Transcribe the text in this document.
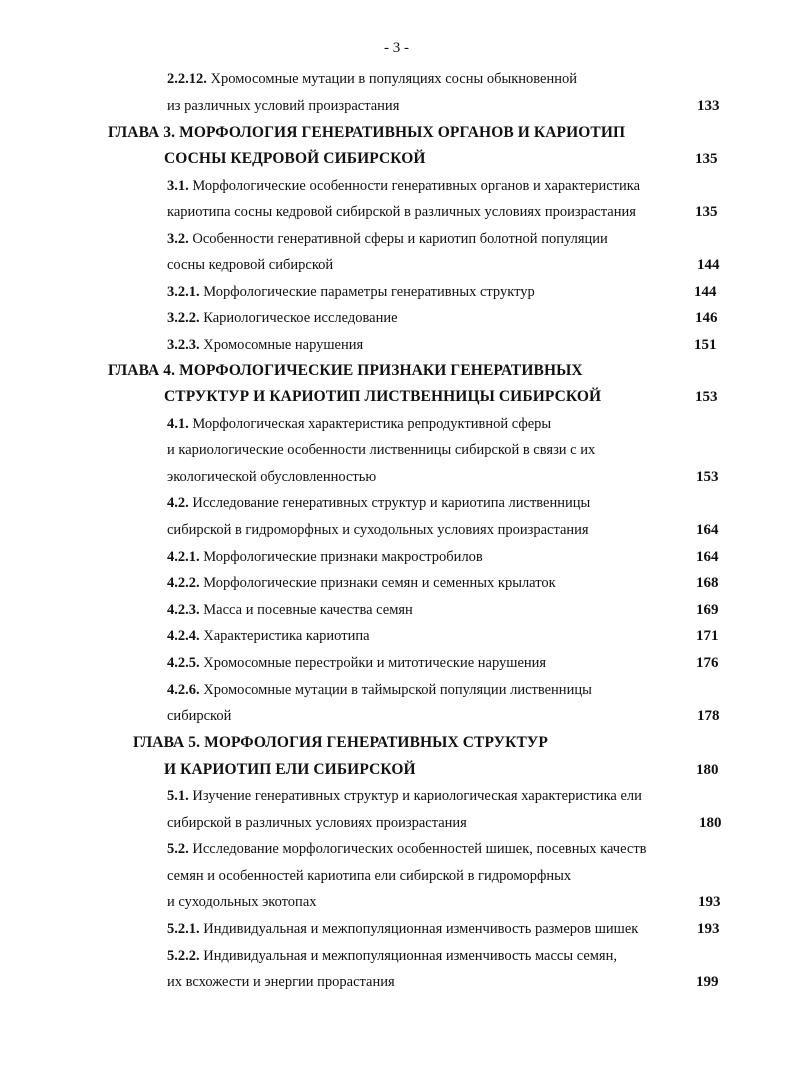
- 3 -
2.2.12. Хромосомные мутации в популяциях сосны обыкновенной
из различных условий произрастания	133
ГЛАВА 3. МОРФОЛОГИЯ ГЕНЕРАТИВНЫХ ОРГАНОВ И КАРИОТИП
СОСНЫ КЕДРОВОЙ СИБИРСКОЙ	135
3.1. Морфологические особенности генеративных органов и характеристика
кариотипа сосны кедровой сибирской в различных условиях произрастания	135
3.2. Особенности генеративной сферы и кариотип болотной популяции
сосны кедровой сибирской	144
3.2.1. Морфологические параметры генеративных структур	144
3.2.2. Кариологическое исследование	146
3.2.3. Хромосомные нарушения	151
ГЛАВА 4. МОРФОЛОГИЧЕСКИЕ ПРИЗНАКИ ГЕНЕРАТИВНЫХ
СТРУКТУР И КАРИОТИП ЛИСТВЕННИЦЫ СИБИРСКОЙ	153
4.1. Морфологическая характеристика репродуктивной сферы
и кариологические особенности лиственницы сибирской в связи с их
экологической обусловленностью	153
4.2. Исследование генеративных структур и кариотипа лиственницы
сибирской в гидроморфных и суходольных условиях произрастания	164
4.2.1. Морфологические признаки макростробилов	164
4.2.2. Морфологические признаки семян и семенных крылаток	168
4.2.3. Масса и посевные качества семян	169
4.2.4. Характеристика кариотипа	171
4.2.5. Хромосомные перестройки и митотические нарушения	176
4.2.6. Хромосомные мутации в таймырской популяции лиственницы
сибирской	178
ГЛАВА 5. МОРФОЛОГИЯ ГЕНЕРАТИВНЫХ СТРУКТУР
И КАРИОТИП ЕЛИ СИБИРСКОЙ	180
5.1. Изучение генеративных структур и кариологическая характеристика ели
сибирской в различных условиях произрастания	180
5.2. Исследование морфологических особенностей шишек, посевных качеств
семян и особенностей кариотипа ели сибирской в гидроморфных
и суходольных экотопах	193
5.2.1. Индивидуальная и межпопуляционная изменчивость размеров шишек	193
5.2.2. Индивидуальная и межпопуляционная изменчивость массы семян,
их всхожести и энергии прорастания	199
